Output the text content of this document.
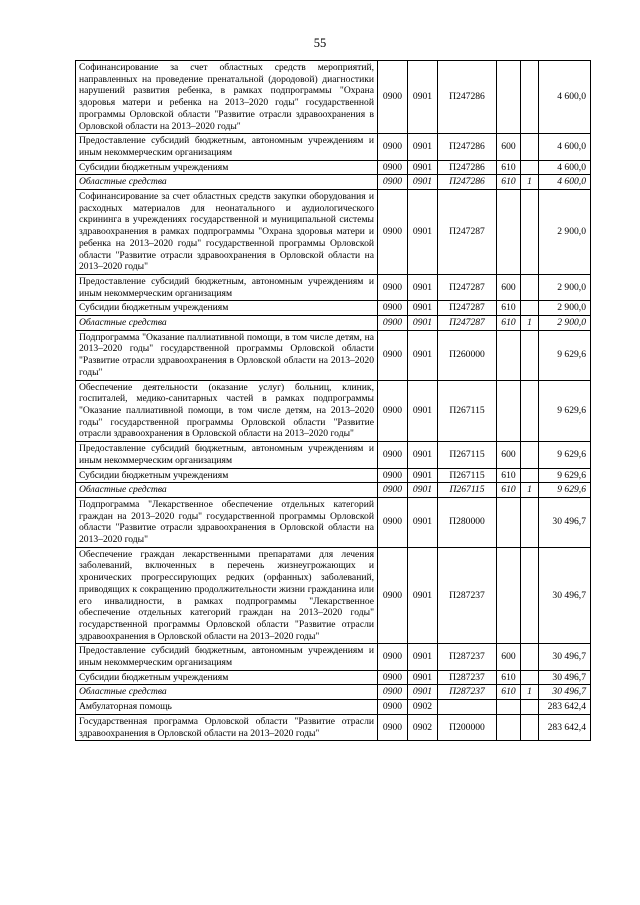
55
Софинансирование за счет областных средств мероприятий, направленных на проведение пренатальной (дородовой) диагностики нарушений развития ребенка, в рамках подпрограммы "Охрана здоровья матери и ребенка на 2013–2020 годы" государственной программы Орловской области "Развитие отрасли здравоохранения в Орловской области на 2013–2020 годы"	0900	0901	П247286			4 600,0
Предоставление субсидий бюджетным, автономным учреждениям и иным некоммерческим организациям	0900	0901	П247286	600		4 600,0
Субсидии бюджетным учреждениям	0900	0901	П247286	610		4 600,0
Областные средства	0900	0901	П247286	610	1	4 600,0
Софинансирование за счет областных средств закупки оборудования и расходных материалов для неонатального и аудиологического скрининга в учреждениях государственной и муниципальной системы здравоохранения в рамках подпрограммы "Охрана здоровья матери и ребенка на 2013–2020 годы" государственной программы Орловской области "Развитие отрасли здравоохранения в Орловской области на 2013–2020 годы"	0900	0901	П247287			2 900,0
Предоставление субсидий бюджетным, автономным учреждениям и иным некоммерческим организациям	0900	0901	П247287	600		2 900,0
Субсидии бюджетным учреждениям	0900	0901	П247287	610		2 900,0
Областные средства	0900	0901	П247287	610	1	2 900,0
Подпрограмма "Оказание паллиативной помощи, в том числе детям, на 2013–2020 годы" государственной программы Орловской области "Развитие отрасли здравоохранения в Орловской области на 2013–2020 годы"	0900	0901	П260000			9 629,6
Обеспечение деятельности (оказание услуг) больниц, клиник, госпиталей, медико-санитарных частей в рамках подпрограммы "Оказание паллиативной помощи, в том числе детям, на 2013–2020 годы" государственной программы Орловской области "Развитие отрасли здравоохранения в Орловской области на 2013–2020 годы"	0900	0901	П267115			9 629,6
Предоставление субсидий бюджетным, автономным учреждениям и иным некоммерческим организациям	0900	0901	П267115	600		9 629,6
Субсидии бюджетным учреждениям	0900	0901	П267115	610		9 629,6
Областные средства	0900	0901	П267115	610	1	9 629,6
Подпрограмма "Лекарственное обеспечение отдельных категорий граждан на 2013–2020 годы" государственной программы Орловской области "Развитие отрасли здравоохранения в Орловской области на 2013–2020 годы"	0900	0901	П280000			30 496,7
Обеспечение граждан лекарственными препаратами для лечения заболеваний, включенных в перечень жизнеугрожающих и хронических прогрессирующих редких (орфанных) заболеваний, приводящих к сокращению продолжительности жизни гражданина или его инвалидности, в рамках подпрограммы "Лекарственное обеспечение отдельных категорий граждан на 2013–2020 годы" государственной программы Орловской области "Развитие отрасли здравоохранения в Орловской области на 2013–2020 годы"	0900	0901	П287237			30 496,7
Предоставление субсидий бюджетным, автономным учреждениям и иным некоммерческим организациям	0900	0901	П287237	600		30 496,7
Субсидии бюджетным учреждениям	0900	0901	П287237	610		30 496,7
Областные средства	0900	0901	П287237	610	1	30 496,7
Амбулаторная помощь	0900	0902				283 642,4
Государственная программа Орловской области "Развитие отрасли здравоохранения в Орловской области на 2013–2020 годы"	0900	0902	П200000			283 642,4
